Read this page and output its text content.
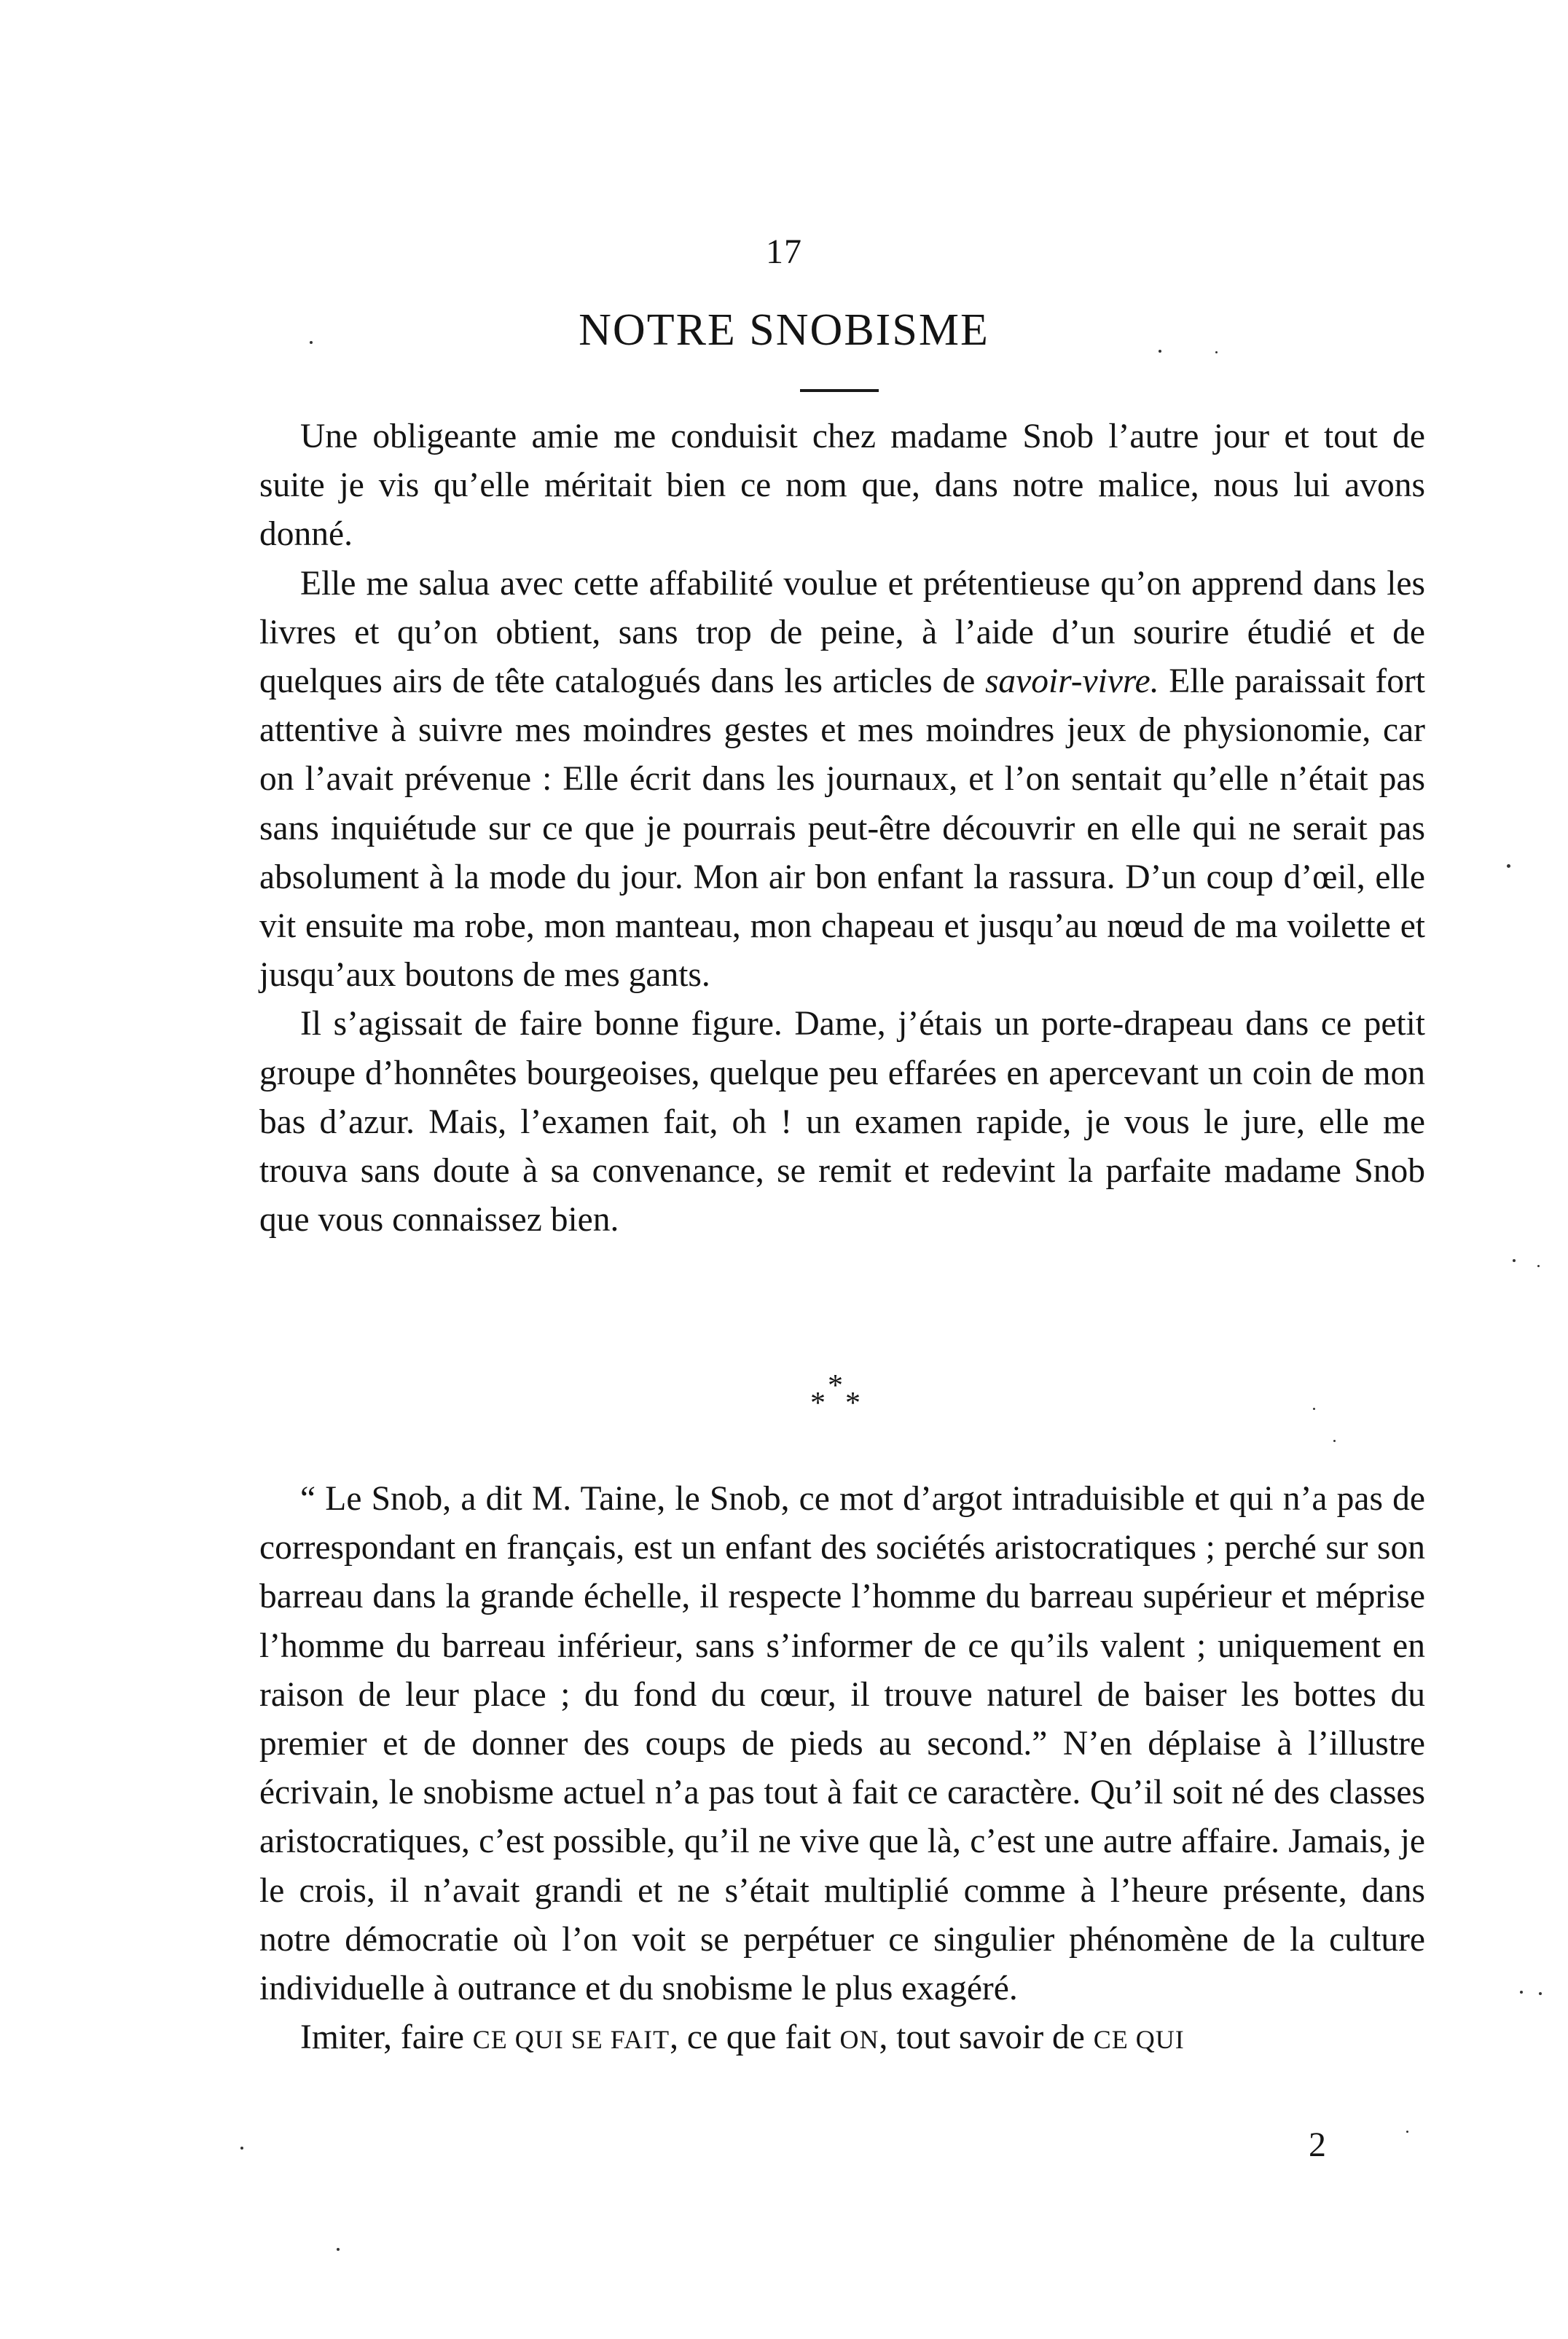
17
NOTRE SNOBISME

Une obligeante amie me conduisit chez madame Snob l’autre jour et tout de suite je vis qu’elle méritait bien ce nom que, dans notre malice, nous lui avons donné.

Elle me salua avec cette affabilité voulue et prétentieuse qu’on apprend dans les livres et qu’on obtient, sans trop de peine, à l’aide d’un sourire étudié et de quelques airs de tête catalogués dans les articles de savoir-vivre. Elle paraissait fort attentive à suivre mes moindres gestes et mes moindres jeux de physionomie, car on l’avait prévenue : Elle écrit dans les journaux, et l’on sentait qu’elle n’était pas sans inquiétude sur ce que je pourrais peut-être découvrir en elle qui ne serait pas absolument à la mode du jour. Mon air bon enfant la rassura. D’un coup d’œil, elle vit ensuite ma robe, mon manteau, mon chapeau et jusqu’au nœud de ma voilette et jusqu’aux boutons de mes gants.

Il s’agissait de faire bonne figure. Dame, j’étais un porte-drapeau dans ce petit groupe d’honnêtes bourgeoises, quelque peu effarées en apercevant un coin de mon bas d’azur. Mais, l’examen fait, oh ! un examen rapide, je vous le jure, elle me trouva sans doute à sa convenance, se remit et redevint la parfaite madame Snob que vous connaissez bien.

*
* *

“ Le Snob, a dit M. Taine, le Snob, ce mot d’argot intraduisible et qui n’a pas de correspondant en français, est un enfant des sociétés aristocratiques ; perché sur son barreau dans la grande échelle, il respecte l’homme du barreau supérieur et méprise l’homme du barreau inférieur, sans s’informer de ce qu’ils valent ; uniquement en raison de leur place ; du fond du cœur, il trouve naturel de baiser les bottes du premier et de donner des coups de pieds au second.” N’en déplaise à l’illustre écrivain, le snobisme actuel n’a pas tout à fait ce caractère. Qu’il soit né des classes aristocratiques, c’est possible, qu’il ne vive que là, c’est une autre affaire. Jamais, je le crois, il n’avait grandi et ne s’était multiplié comme à l’heure présente, dans notre démocratie où l’on voit se perpétuer ce singulier phénomène de la culture individuelle à outrance et du snobisme le plus exagéré.

Imiter, faire CE QUI SE FAIT, ce que fait ON, tout savoir de CE QUI

2
